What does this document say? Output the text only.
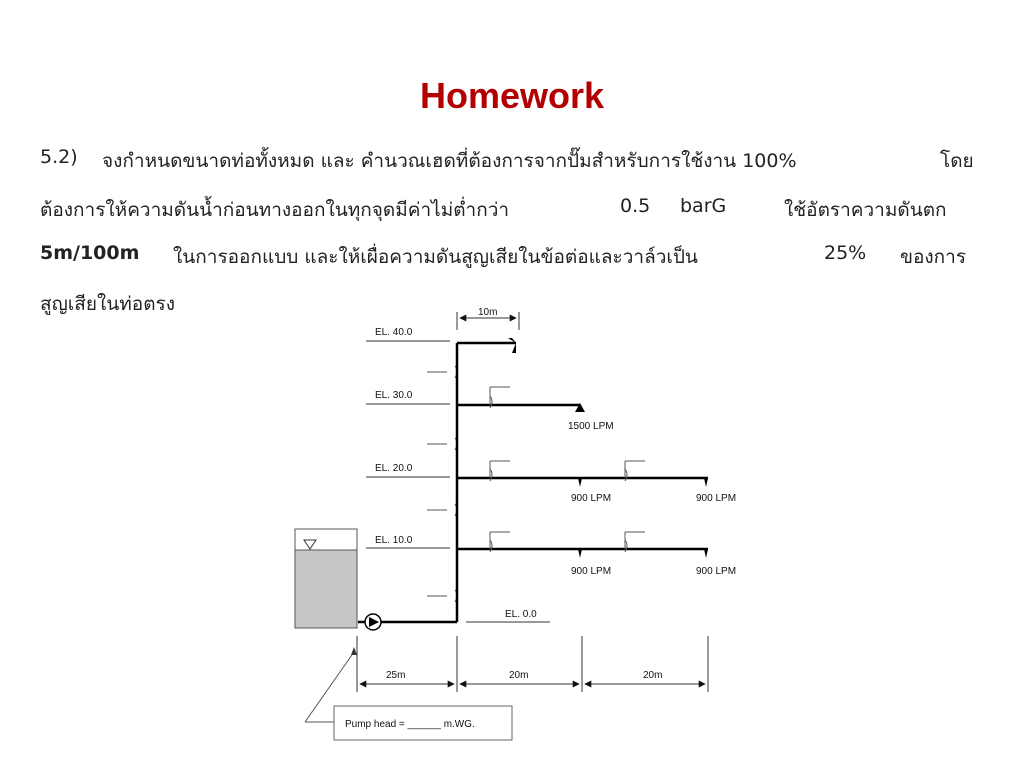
Homework
5.2) จงกำหนดขนาดท่อทั้งหมด และ คำนวณเฮดที่ต้องการจากปั๊มสำหรับการใช้งาน 100%	โดย
ต้องการให้ความดันน้ำก่อนทางออกในทุกจุดมีค่าไม่ต่ำกว่า	0.5 barG	ใช้อัตราความดันตก
5m/100m ในการออกแบบ และให้เผื่อความดันสูญเสียในข้อต่อและวาล์วเป็น	25% ของการ
สูญเสียในท่อตรง
EL. 40.0
EL. 30.0
EL. 20.0
EL. 10.0
EL. 0.0
1500 LPM
900 LPM	900 LPM
900 LPM	900 LPM
10m
25m	20m	20m
Pump head = ______ m.WG.
